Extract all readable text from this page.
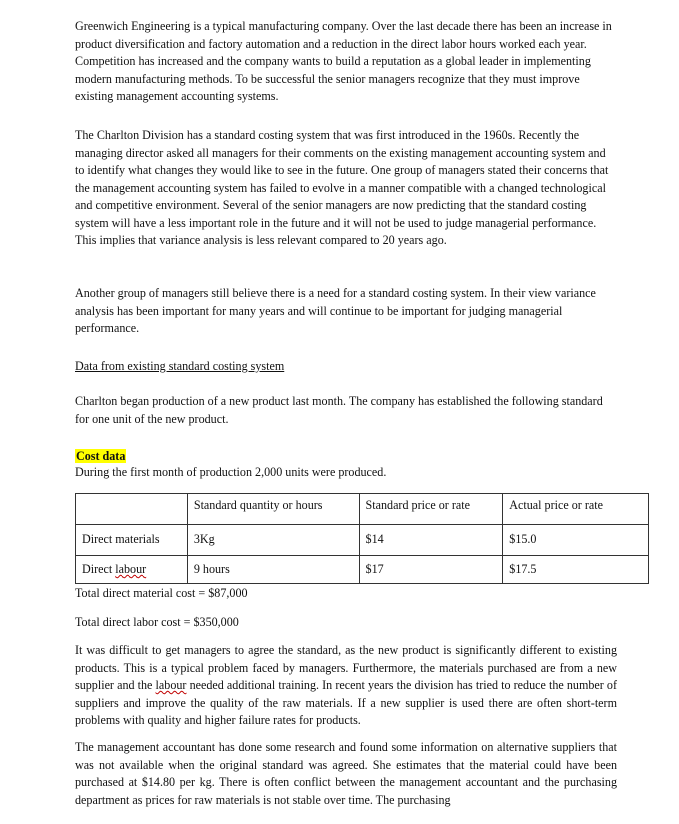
Greenwich Engineering is a typical manufacturing company. Over the last decade there has been an increase in product diversification and factory automation and a reduction in the direct labor hours worked each year. Competition has increased and the company wants to build a reputation as a global leader in implementing modern manufacturing methods. To be successful the senior managers recognize that they must improve existing management accounting systems.

The Charlton Division has a standard costing system that was first introduced in the 1960s. Recently the managing director asked all managers for their comments on the existing management accounting system and to identify what changes they would like to see in the future. One group of managers stated their concerns that the management accounting system has failed to evolve in a manner compatible with a changed technological and competitive environment. Several of the senior managers are now predicting that the standard costing system will have a less important role in the future and it will not be used to judge managerial performance. This implies that variance analysis is less relevant compared to 20 years ago.

Another group of managers still believe there is a need for a standard costing system. In their view variance analysis has been important for many years and will continue to be important for judging managerial performance.

Data from existing standard costing system

Charlton began production of a new product last month. The company has established the following standard for one unit of the new product.

Cost data

During the first month of production 2,000 units were produced.

	Standard quantity or hours	Standard price or rate	Actual price or rate
Direct materials	3Kg	$14	$15.0
Direct labour	9 hours	$17	$17.5

Total direct material cost = $87,000

Total direct labor cost = $350,000

It was difficult to get managers to agree the standard, as the new product is significantly different to existing products. This is a typical problem faced by managers. Furthermore, the materials purchased are from a new supplier and the labour needed additional training. In recent years the division has tried to reduce the number of suppliers and improve the quality of the raw materials. If a new supplier is used there are often short-term problems with quality and higher failure rates for products.

The management accountant has done some research and found some information on alternative suppliers that was not available when the original standard was agreed. She estimates that the material could have been purchased at $14.80 per kg. There is often conflict between the management accountant and the purchasing department as prices for raw materials is not stable over time. The purchasing
